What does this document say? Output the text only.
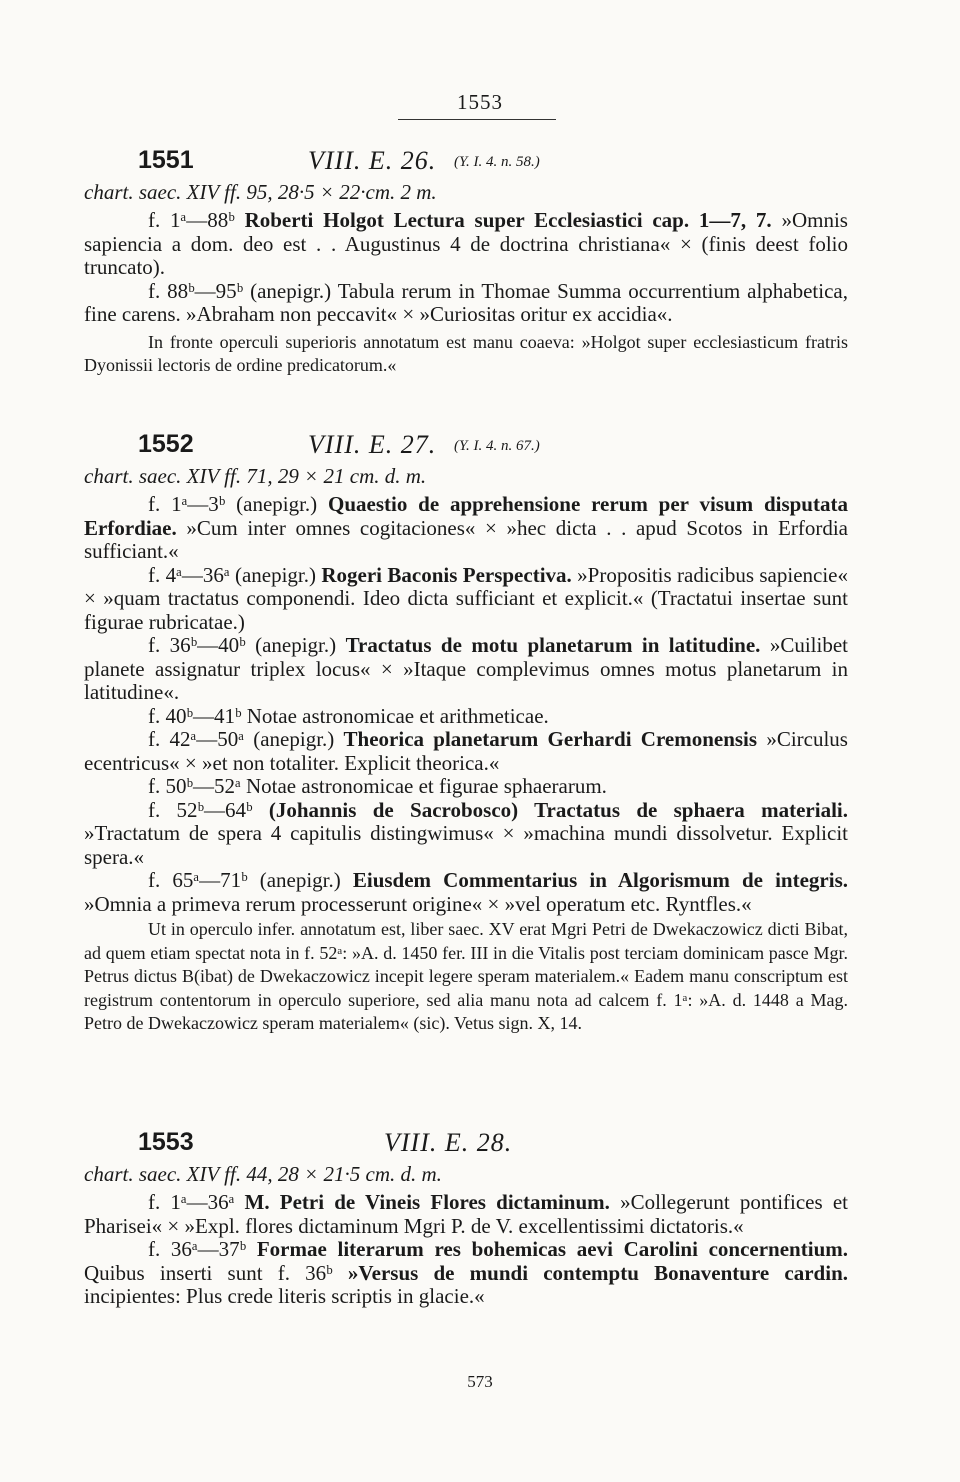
1553
1551	VIII. E. 26. (Y. I. 4. n. 58.)
chart. saec. XIV ff. 95, 28·5 × 22·cm. 2 m.

f. 1ᵃ—88ᵇ Roberti Holgot Lectura super Ecclesiastici cap. 1—7, 7. »Omnis sapiencia a dom. deo est . . Augustinus 4 de doctrina christiana« × (finis deest folio truncato).

f. 88ᵇ—95ᵇ (anepigr.) Tabula rerum in Thomae Summa occurrentium alphabetica, fine carens. »Abraham non peccavit« × »Curiositas oritur ex accidia«.

In fronte operculi superioris annotatum est manu coaeva: »Holgot super ecclesiasticum fratris Dyonissii lectoris de ordine predicatorum.«

1552	VIII. E. 27. (Y. I. 4. n. 67.)
chart. saec. XIV ff. 71, 29 × 21 cm. d. m.

f. 1ᵃ—3ᵇ (anepigr.) Quaestio de apprehensione rerum per visum disputata Erfordiae. »Cum inter omnes cogitaciones« × »hec dicta . . apud Scotos in Erfordia sufficiant.«

f. 4ᵃ—36ᵃ (anepigr.) Rogeri Baconis Perspectiva. »Propositis radicibus sapiencie« × »quam tractatus componendi. Ideo dicta sufficiant et explicit.« (Tractatui insertae sunt figurae rubricatae.)

f. 36ᵇ—40ᵇ (anepigr.) Tractatus de motu planetarum in latitudine. »Cuilibet planete assignatur triplex locus« × »Itaque complevimus omnes motus planetarum in latitudine«.

f. 40ᵇ—41ᵇ Notae astronomicae et arithmeticae.

f. 42ᵃ—50ᵃ (anepigr.) Theorica planetarum Gerhardi Cremonensis »Circulus ecentricus« × »et non totaliter. Explicit theorica.«

f. 50ᵇ—52ᵃ Notae astronomicae et figurae sphaerarum.

f. 52ᵇ—64ᵇ (Johannis de Sacrobosco) Tractatus de sphaera materiali. »Tractatum de spera 4 capitulis distingwimus« × »machina mundi dissolvetur. Explicit spera.«

f. 65ᵃ—71ᵇ (anepigr.) Eiusdem Commentarius in Algorismum de integris. »Omnia a primeva rerum processerunt origine« × »vel operatum etc. Ryntfles.«

Ut in operculo infer. annotatum est, liber saec. XV erat Mgri Petri de Dwekaczowicz dicti Bibat, ad quem etiam spectat nota in f. 52ᵃ: »A. d. 1450 fer. III in die Vitalis post terciam dominicam pasce Mgr. Petrus dictus B(ibat) de Dwekaczowicz incepit legere speram materialem.« Eadem manu conscriptum est registrum contentorum in operculo superiore, sed alia manu nota ad calcem f. 1ᵃ: »A. d. 1448 a Mag. Petro de Dwekaczowicz speram materialem« (sic). Vetus sign. X, 14.

1553	VIII. E. 28.
chart. saec. XIV ff. 44, 28 × 21·5 cm. d. m.

f. 1ᵃ—36ᵃ M. Petri de Vineis Flores dictaminum. »Collegerunt pontifices et Pharisei« × »Expl. flores dictaminum Mgri P. de V. excellentissimi dictatoris.«

f. 36ᵃ—37ᵇ Formae literarum res bohemicas aevi Carolini concernentium. Quibus inserti sunt f. 36ᵇ »Versus de mundi contemptu Bonaventure cardin. incipientes: Plus crede literis scriptis in glacie.«

573
